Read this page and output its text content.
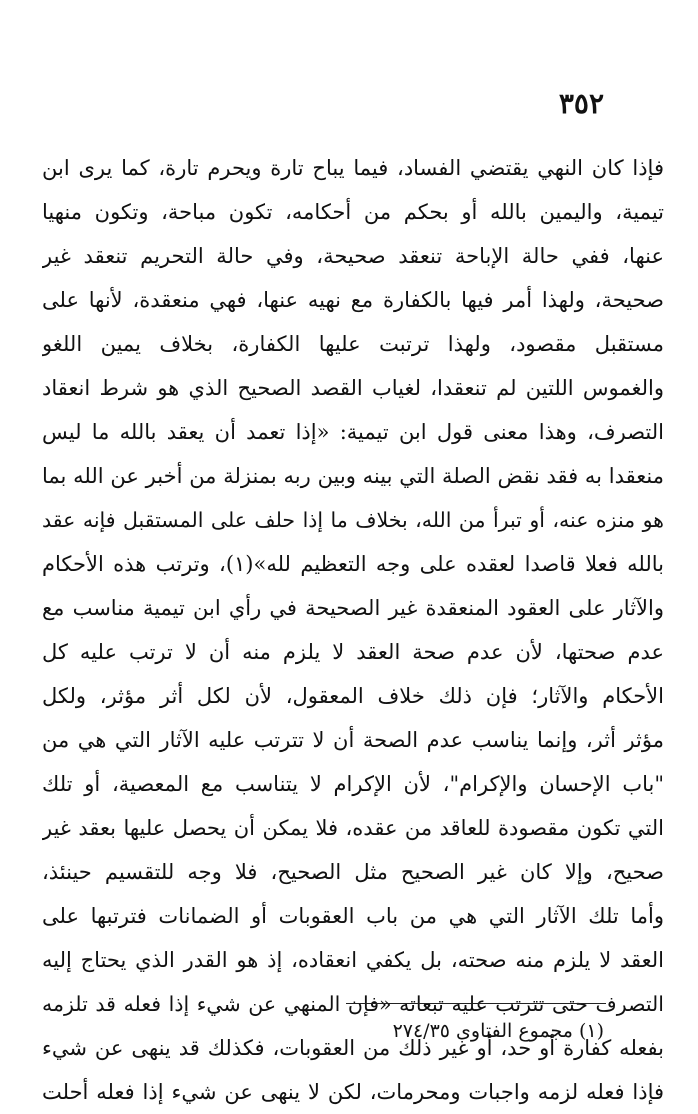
٣٥٢
فإذا كان النهي يقتضي الفساد، فيما يباح تارة ويحرم تارة، كما يرى ابن
تيمية، واليمين بالله أو بحكم من أحكامه، تكون مباحة، وتكون منهيا
عنها، ففي حالة الإباحة تنعقد صحيحة، وفي حالة التحريم تنعقد غير
صحيحة، ولهذا أمر فيها بالكفارة مع نهيه عنها، فهي منعقدة، لأنها على
مستقبل مقصود، ولهذا ترتبت عليها الكفارة، بخلاف يمين اللغو
والغموس اللتين لم تنعقدا، لغياب القصد الصحيح الذي هو شرط انعقاد
التصرف، وهذا معنى قول ابن تيمية: «إذا تعمد أن يعقد بالله ما ليس
منعقدا به فقد نقض الصلة التي بينه وبين ربه بمنزلة من أخبر عن الله بما
هو منزه عنه، أو تبرأ من الله، بخلاف ما إذا حلف على المستقبل فإنه عقد
بالله فعلا قاصدا لعقده على وجه التعظيم لله»(١)، وترتب هذه الأحكام
والآثار على العقود المنعقدة غير الصحيحة في رأي ابن تيمية مناسب مع
عدم صحتها، لأن عدم صحة العقد لا يلزم منه أن لا ترتب عليه كل
الأحكام والآثار؛ فإن ذلك خلاف المعقول، لأن لكل أثر مؤثر، ولكل
مؤثر أثر، وإنما يناسب عدم الصحة أن لا تترتب عليه الآثار التي هي من
"باب الإحسان والإكرام"، لأن الإكرام لا يتناسب مع المعصية، أو تلك
التي تكون مقصودة للعاقد من عقده، فلا يمكن أن يحصل عليها بعقد غير
صحيح، وإلا كان غير الصحيح مثل الصحيح، فلا وجه للتقسيم حينئذ،
وأما تلك الآثار التي هي من باب العقوبات أو الضمانات فترتبها على
العقد لا يلزم منه صحته، بل يكفي انعقاده، إذ هو القدر الذي يحتاج إليه
التصرف حتى تترتب عليه تبعاته «فإن المنهي عن شيء إذا فعله قد تلزمه
بفعله كفارة أو حد، أو غير ذلك من العقوبات، فكذلك قد ينهى عن شيء
فإذا فعله لزمه واجبات ومحرمات، لكن لا ينهى عن شيء إذا فعله أحلت
(١) مجموع الفتاوى ٢٧٤/٣٥
